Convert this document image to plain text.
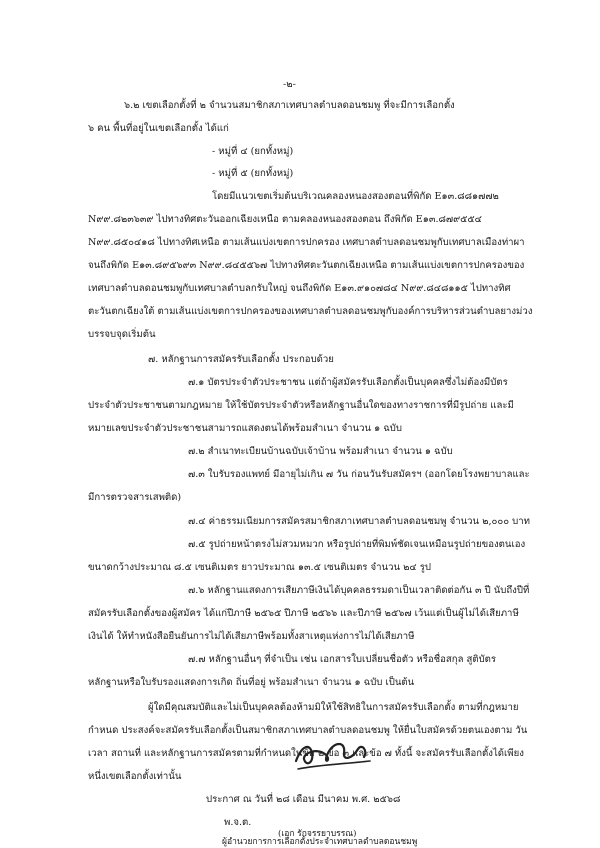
-๒-
๖.๒ เขตเลือกตั้งที่ ๒ จำนวนสมาชิกสภาเทศบาลตำบลดอนชมพู ที่จะมีการเลือกตั้ง
๖ คน พื้นที่อยู่ในเขตเลือกตั้ง ได้แก่
- หมู่ที่ ๔ (ยกทั้งหมู่)
- หมู่ที่ ๕ (ยกทั้งหมู่)
โดยมีแนวเขตเริ่มต้นบริเวณคลองหนองสองตอนที่พิกัด E๑๓.๘๘๑๗๗๒
N๙๙.๘๒๓๖๓๙ ไปทางทิศตะวันออกเฉียงเหนือ ตามคลองหนองสองตอน ถึงพิกัด E๑๓.๘๗๙๕๕๔
N๙๙.๘๕๐๔๑๘ ไปทางทิศเหนือ ตามเส้นแบ่งเขตการปกครอง เทศบาลตำบลดอนชมพูกับเทศบาลเมืองท่าผา
จนถึงพิกัด E๑๓.๘๙๕๖๙๓ N๙๙.๘๔๕๕๖๗ ไปทางทิศตะวันตกเฉียงเหนือ ตามเส้นแบ่งเขตการปกครองของ
เทศบาลตำบลดอนชมพูกับเทศบาลตำบลกรับใหญ่ จนถึงพิกัด E๑๓.๙๑๐๗๘๔ N๙๙.๘๔๘๑๑๕ ไปทางทิศ
ตะวันตกเฉียงใต้ ตามเส้นแบ่งเขตการปกครองของเทศบาลตำบลดอนชมพูกับองค์การบริหารส่วนตำบลยางม่วง
บรรจบจุดเริ่มต้น
๗. หลักฐานการสมัครรับเลือกตั้ง ประกอบด้วย
๗.๑ บัตรประจำตัวประชาชน แต่ถ้าผู้สมัครรับเลือกตั้งเป็นบุคคลซึ่งไม่ต้องมีบัตร
ประจำตัวประชาชนตามกฎหมาย ให้ใช้บัตรประจำตัวหรือหลักฐานอื่นใดของทางราชการที่มีรูปถ่าย และมี
หมายเลขประจำตัวประชาชนสามารถแสดงตนได้พร้อมสำเนา จำนวน ๑ ฉบับ
๗.๒ สำเนาทะเบียนบ้านฉบับเจ้าบ้าน พร้อมสำเนา จำนวน ๑ ฉบับ
๗.๓ ใบรับรองแพทย์ มีอายุไม่เกิน ๗ วัน ก่อนวันรับสมัครฯ (ออกโดยโรงพยาบาลและ
มีการตรวจสารเสพติด)
๗.๔ ค่าธรรมเนียมการสมัครสมาชิกสภาเทศบาลตำบลดอนชมพู จำนวน ๒,๐๐๐ บาท
๗.๕ รูปถ่ายหน้าตรงไม่สวมหมวก หรือรูปถ่ายที่พิมพ์ชัดเจนเหมือนรูปถ่ายของตนเอง
ขนาดกว้างประมาณ ๘.๕ เซนติเมตร ยาวประมาณ ๑๓.๕ เซนติเมตร จำนวน ๒๔ รูป
๗.๖ หลักฐานแสดงการเสียภาษีเงินได้บุคคลธรรมดาเป็นเวลาติดต่อกัน ๓ ปี นับถึงปีที่
สมัครรับเลือกตั้งของผู้สมัคร ได้แก่ปีภาษี ๒๕๖๕ ปีภาษี ๒๕๖๖ และปีภาษี ๒๕๖๗ เว้นแต่เป็นผู้ไม่ได้เสียภาษี
เงินได้ ให้ทำหนังสือยืนยันการไม่ได้เสียภาษีพร้อมทั้งสาเหตุแห่งการไม่ได้เสียภาษี
๗.๗ หลักฐานอื่นๆ ที่จำเป็น เช่น เอกสารใบเปลี่ยนชื่อตัว หรือชื่อสกุล สูติบัตร
หลักฐานหรือใบรับรองแสดงการเกิด ถิ่นที่อยู่ พร้อมสำเนา จำนวน ๑ ฉบับ เป็นต้น
ผู้ใดมีคุณสมบัติและไม่เป็นบุคคลต้องห้ามมิให้ใช้สิทธิในการสมัครรับเลือกตั้ง ตามที่กฎหมาย
กำหนด ประสงค์จะสมัครรับเลือกตั้งเป็นสมาชิกสภาเทศบาลตำบลดอนชมพู ให้ยื่นใบสมัครด้วยตนเองตาม วัน
เวลา สถานที่ และหลักฐานการสมัครตามที่กำหนดในข้อ ๒ ข้อ ๓ และข้อ ๗ ทั้งนี้ จะสมัครรับเลือกตั้งได้เพียง
หนึ่งเขตเลือกตั้งเท่านั้น
ประกาศ ณ วันที่ ๒๘ เดือน มีนาคม พ.ศ. ๒๕๖๘
พ.จ.ต.
(เอก รักจรรยาบรรณ)
ผู้อำนวยการการเลือกตั้งประจำเทศบาลตำบลดอนชมพู
